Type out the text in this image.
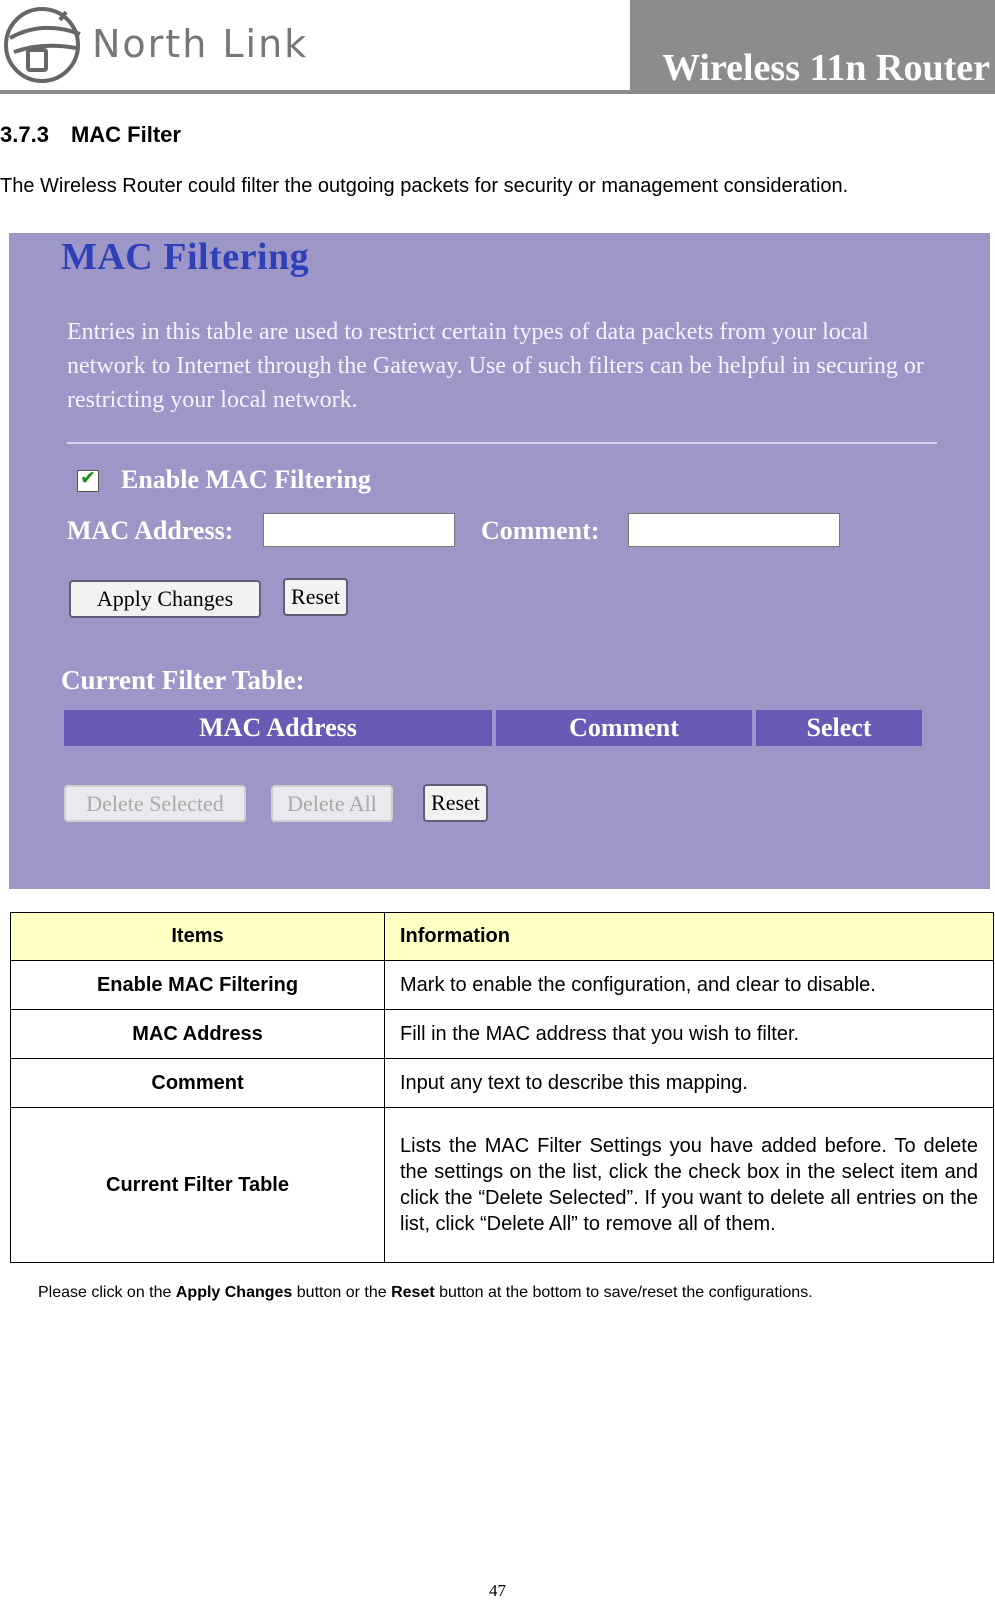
North Link
Wireless 11n Router
3.7.3 MAC Filter
The Wireless Router could filter the outgoing packets for security or management consideration.
MAC Filtering
Entries in this table are used to restrict certain types of data packets from your local network to Internet through the Gateway. Use of such filters can be helpful in securing or restricting your local network.
✔ Enable MAC Filtering
MAC Address:	Comment:
Apply Changes	Reset
Current Filter Table:
MAC Address	Comment	Select
Delete Selected	Delete All	Reset
Items	Information
Enable MAC Filtering	Mark to enable the configuration, and clear to disable.
MAC Address	Fill in the MAC address that you wish to filter.
Comment	Input any text to describe this mapping.
Current Filter Table	Lists the MAC Filter Settings you have added before. To delete the settings on the list, click the check box in the select item and click the “Delete Selected”. If you want to delete all entries on the list, click “Delete All” to remove all of them.
Please click on the Apply Changes button or the Reset button at the bottom to save/reset the configurations.
47
